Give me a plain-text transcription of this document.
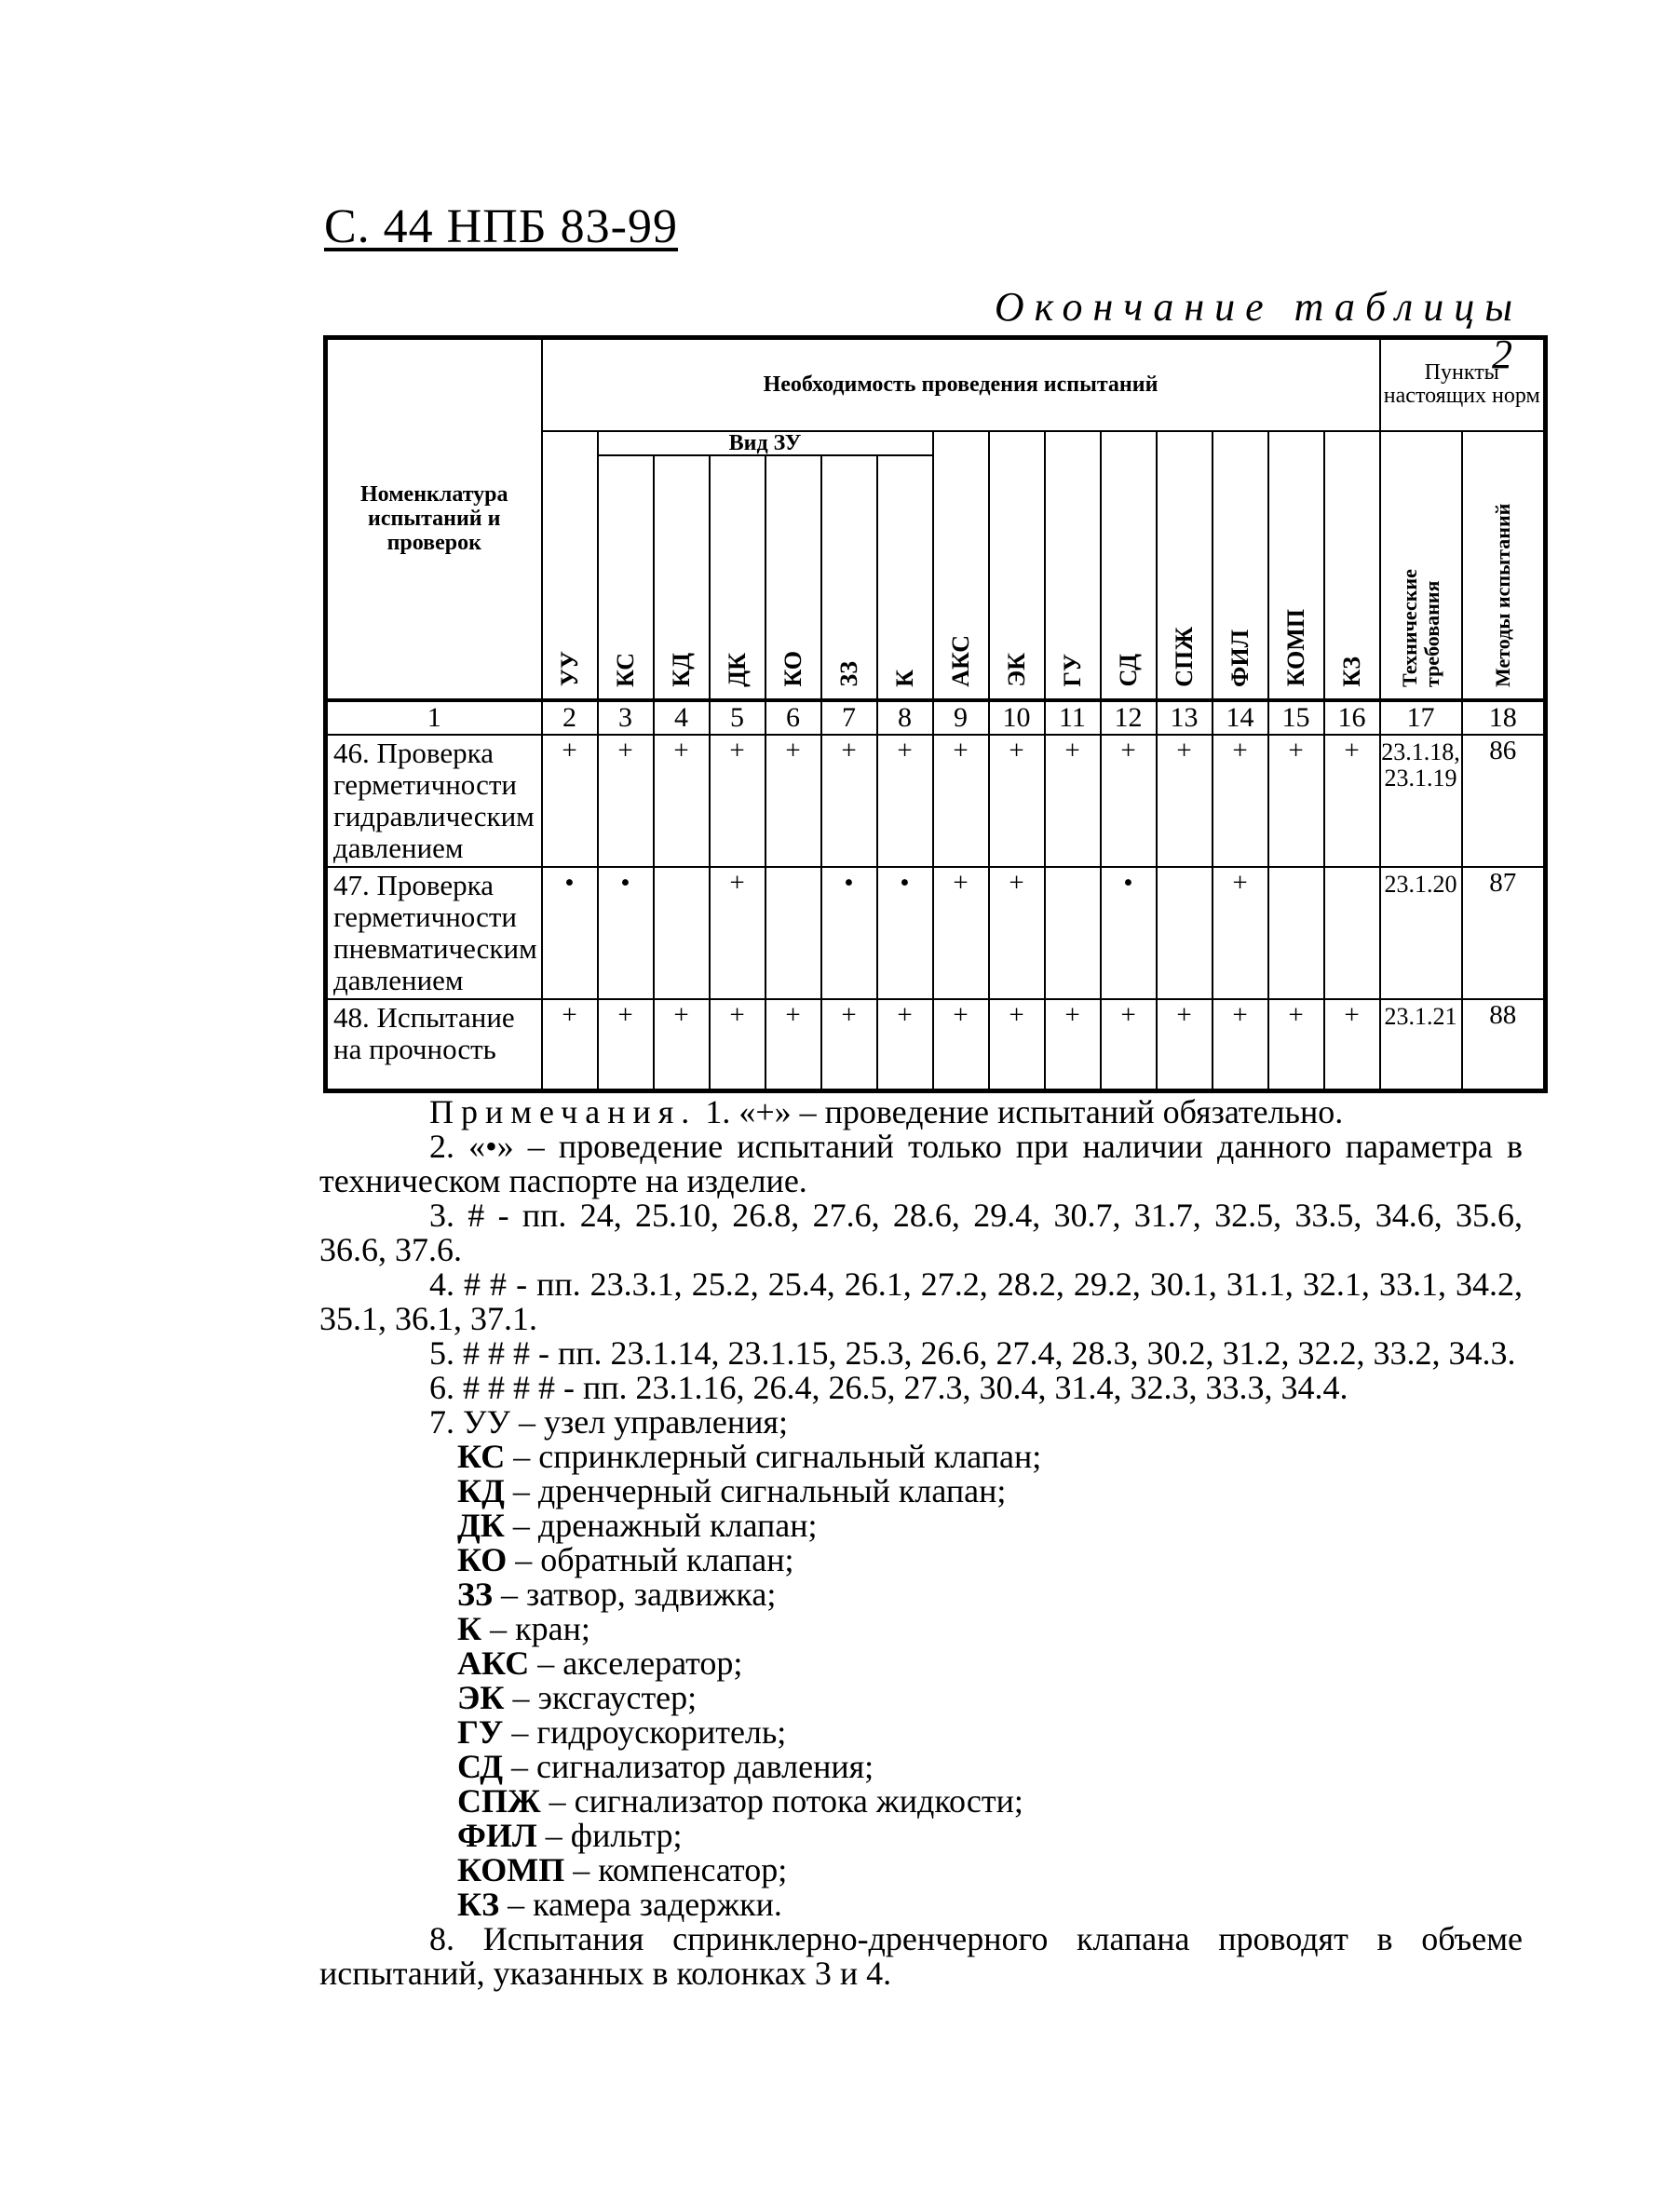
С. 44 НПБ 83-99
Окончание таблицы 2
Номенклатура испытаний и проверок	Необходимость проведения испытаний															Пункты настоящих норм	

	УУ	Вид ЗУ						АКС	ЭК	ГУ	СД	СПЖ	ФИЛ	КОМП	КЗ	Технические требования	Методы испытаний

		КС	КД	ДК	КО	ЗЗ	К										

1	2	3	4	5	6	7	8	9	10	11	12	13	14	15	16	17	18
46. Проверка герметичности гидравлическим давлением	+	+	+	+	+	+	+	+	+	+	+	+	+	+	+	23.1.18, 23.1.19	86
47. Проверка герметичности пневматическим давлением	•	•		+		•	•	+	+		•		+			23.1.20	87
48. Испытание на прочность	+	+	+	+	+	+	+	+	+	+	+	+	+	+	+	23.1.21	88

Примечания. 1. «+» – проведение испытаний обязательно.

2. «•» – проведение испытаний только при наличии данного параметра в техническом паспорте на изделие.

3. # - пп. 24, 25.10, 26.8, 27.6, 28.6, 29.4, 30.7, 31.7, 32.5, 33.5, 34.6, 35.6, 36.6, 37.6.

4. # # - пп. 23.3.1, 25.2, 25.4, 26.1, 27.2, 28.2, 29.2, 30.1, 31.1, 32.1, 33.1, 34.2, 35.1, 36.1, 37.1.

5. # # # - пп. 23.1.14, 23.1.15, 25.3, 26.6, 27.4, 28.3, 30.2, 31.2, 32.2, 33.2, 34.3.

6. # # # # - пп. 23.1.16, 26.4, 26.5, 27.3, 30.4, 31.4, 32.3, 33.3, 34.4.

7. УУ – узел управления;

КС – спринклерный сигнальный клапан;
КД – дренчерный сигнальный клапан;
ДК – дренажный клапан;
КО – обратный клапан;
ЗЗ – затвор, задвижка;
К – кран;
АКС – акселератор;
ЭК – эксгаустер;
ГУ – гидроускоритель;
СД – сигнализатор давления;
СПЖ – сигнализатор потока жидкости;
ФИЛ – фильтр;
КОМП – компенсатор;
КЗ – камера задержки.

8. Испытания спринклерно-дренчерного клапана проводят в объеме испытаний, указанных в колонках 3 и 4.
